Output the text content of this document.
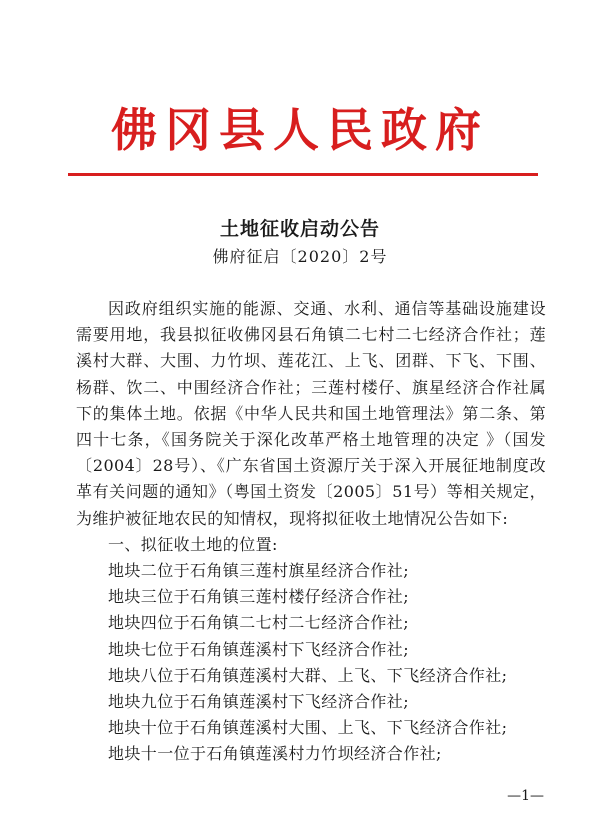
佛冈县人民政府
土地征收启动公告
佛府征启〔2020〕2号

因政府组织实施的能源、交通、水利、通信等基础设施建设需要用地，我县拟征收佛冈县石角镇二七村二七经济合作社；莲溪村大群、大围、力竹坝、莲花江、上飞、团群、下飞、下围、杨群、饮二、中围经济合作社；三莲村楼仔、旗星经济合作社属下的集体土地。依据《中华人民共和国土地管理法》第二条、第四十七条，《国务院关于深化改革严格土地管理的决定 》（国发〔2004〕28号）、《广东省国土资源厅关于深入开展征地制度改革有关问题的通知》（粤国土资发〔2005〕51号）等相关规定，为维护被征地农民的知情权，现将拟征收土地情况公告如下:

一、拟征收土地的位置:

地块二位于石角镇三莲村旗星经济合作社;

地块三位于石角镇三莲村楼仔经济合作社;

地块四位于石角镇二七村二七经济合作社;

地块七位于石角镇莲溪村下飞经济合作社;

地块八位于石角镇莲溪村大群、上飞、下飞经济合作社;

地块九位于石角镇莲溪村下飞经济合作社;

地块十位于石角镇莲溪村大围、上飞、下飞经济合作社;

地块十一位于石角镇莲溪村力竹坝经济合作社;

—1—
